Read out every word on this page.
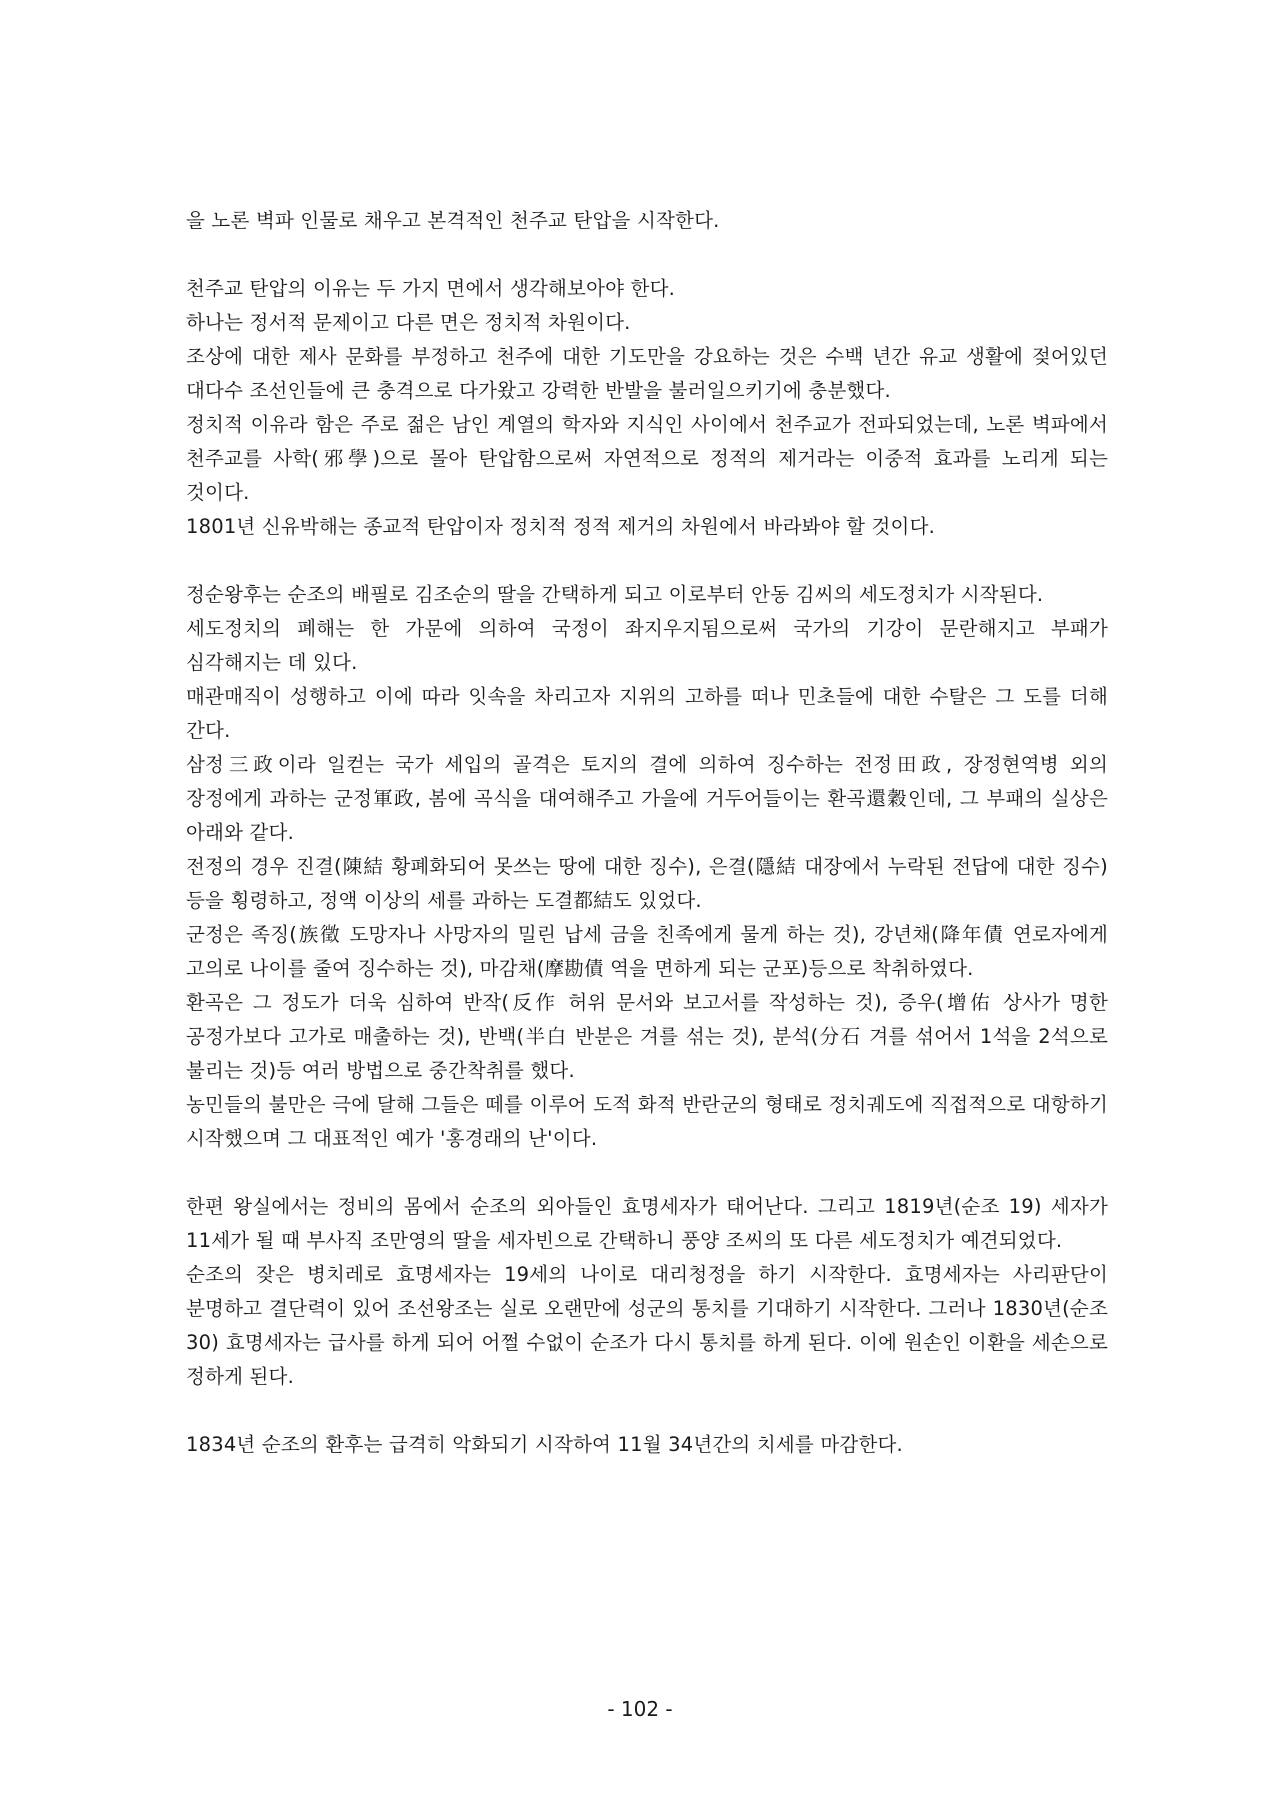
을 노론 벽파 인물로 채우고 본격적인 천주교 탄압을 시작한다.

천주교 탄압의 이유는 두 가지 면에서 생각해보아야 한다.

하나는 정서적 문제이고 다른 면은 정치적 차원이다.

조상에 대한 제사 문화를 부정하고 천주에 대한 기도만을 강요하는 것은 수백 년간 유교 생활에 젖어있던 대다수 조선인들에 큰 충격으로 다가왔고 강력한 반발을 불러일으키기에 충분했다.

정치적 이유라 함은 주로 젊은 남인 계열의 학자와 지식인 사이에서 천주교가 전파되었는데, 노론 벽파에서 천주교를 사학(邪學)으로 몰아 탄압함으로써 자연적으로 정적의 제거라는 이중적 효과를 노리게 되는 것이다.

1801년 신유박해는 종교적 탄압이자 정치적 정적 제거의 차원에서 바라봐야 할 것이다.

정순왕후는 순조의 배필로 김조순의 딸을 간택하게 되고 이로부터 안동 김씨의 세도정치가 시작된다.

세도정치의 폐해는 한 가문에 의하여 국정이 좌지우지됨으로써 국가의 기강이 문란해지고 부패가 심각해지는 데 있다.

매관매직이 성행하고 이에 따라 잇속을 차리고자 지위의 고하를 떠나 민초들에 대한 수탈은 그 도를 더해 간다.

삼정三政이라 일컫는 국가 세입의 골격은 토지의 결에 의하여 징수하는 전정田政, 장정현역병 외의 장정에게 과하는 군정軍政, 봄에 곡식을 대여해주고 가을에 거두어들이는 환곡還穀인데, 그 부패의 실상은 아래와 같다.

전정의 경우 진결(陳結 황폐화되어 못쓰는 땅에 대한 징수), 은결(隱結 대장에서 누락된 전답에 대한 징수)등을 횡령하고, 정액 이상의 세를 과하는 도결都結도 있었다.

군정은 족징(族徵 도망자나 사망자의 밀린 납세 금을 친족에게 물게 하는 것), 강년채(降年債 연로자에게 고의로 나이를 줄여 징수하는 것), 마감채(摩勘債 역을 면하게 되는 군포)등으로 착취하였다.

환곡은 그 정도가 더욱 심하여 반작(反作 허위 문서와 보고서를 작성하는 것), 증우(增佑 상사가 명한 공정가보다 고가로 매출하는 것), 반백(半白 반분은 겨를 섞는 것), 분석(分石 겨를 섞어서 1석을 2석으로 불리는 것)등 여러 방법으로 중간착취를 했다.

농민들의 불만은 극에 달해 그들은 떼를 이루어 도적 화적 반란군의 형태로 정치궤도에 직접적으로 대항하기 시작했으며 그 대표적인 예가 '홍경래의 난'이다.

한편 왕실에서는 정비의 몸에서 순조의 외아들인 효명세자가 태어난다. 그리고 1819년(순조 19) 세자가 11세가 될 때 부사직 조만영의 딸을 세자빈으로 간택하니 풍양 조씨의 또 다른 세도정치가 예견되었다.

순조의 잦은 병치레로 효명세자는 19세의 나이로 대리청정을 하기 시작한다. 효명세자는 사리판단이 분명하고 결단력이 있어 조선왕조는 실로 오랜만에 성군의 통치를 기대하기 시작한다. 그러나 1830년(순조 30) 효명세자는 급사를 하게 되어 어쩔 수없이 순조가 다시 통치를 하게 된다. 이에 원손인 이환을 세손으로 정하게 된다.

1834년 순조의 환후는 급격히 악화되기 시작하여 11월 34년간의 치세를 마감한다.

- 102 -
